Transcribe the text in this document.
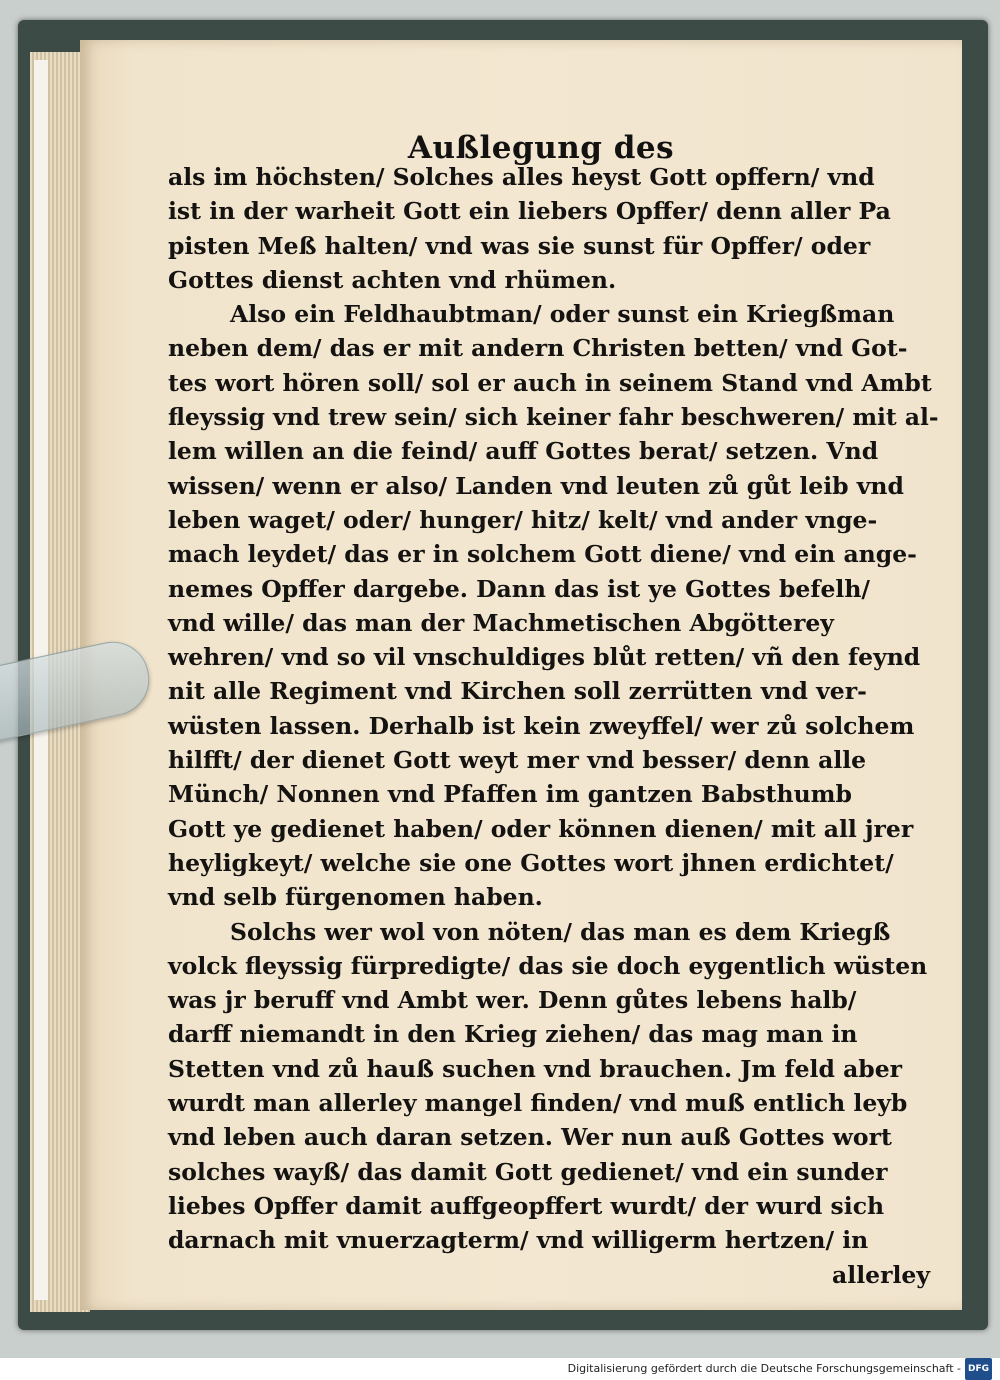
Außlegung des
als im höchsten/ Solches alles heyst Gott opffern/ vnd
ist in der warheit Gott ein liebers Opffer/ denn aller Pa
pisten Meß halten/ vnd was sie sunst für Opffer/ oder
Gottes dienst achten vnd rhümen.
Also ein Feldhaubtman/ oder sunst ein Kriegßman
neben dem/ das er mit andern Christen betten/ vnd Got-
tes wort hören soll/ sol er auch in seinem Stand vnd Ambt
fleyssig vnd trew sein/ sich keiner fahr beschweren/ mit al-
lem willen an die feind/ auff Gottes berat/ setzen. Vnd
wissen/ wenn er also/ Landen vnd leuten zů gůt leib vnd
leben waget/ oder/ hunger/ hitz/ kelt/ vnd ander vnge-
mach leydet/ das er in solchem Gott diene/ vnd ein ange-
nemes Opffer dargebe. Dann das ist ye Gottes befelh/
vnd wille/ das man der Machmetischen Abgötterey
wehren/ vnd so vil vnschuldiges blůt retten/ vñ den feynd
nit alle Regiment vnd Kirchen soll zerrütten vnd ver-
wüsten lassen. Derhalb ist kein zweyffel/ wer zů solchem
hilfft/ der dienet Gott weyt mer vnd besser/ denn alle
Münch/ Nonnen vnd Pfaffen im gantzen Babsthumb
Gott ye gedienet haben/ oder können dienen/ mit all jrer
heyligkeyt/ welche sie one Gottes wort jhnen erdichtet/
vnd selb fürgenomen haben.
Solchs wer wol von nöten/ das man es dem Kriegß
volck fleyssig fürpredigte/ das sie doch eygentlich wüsten
was jr beruff vnd Ambt wer. Denn gůtes lebens halb/
darff niemandt in den Krieg ziehen/ das mag man in
Stetten vnd zů hauß suchen vnd brauchen. Jm feld aber
wurdt man allerley mangel finden/ vnd muß entlich leyb
vnd leben auch daran setzen. Wer nun auß Gottes wort
solches wayß/ das damit Gott gedienet/ vnd ein sunder
liebes Opffer damit auffgeopffert wurdt/ der wurd sich
darnach mit vnuerzagterm/ vnd willigerm hertzen/ in
allerley
Digitalisierung gefördert durch die Deutsche Forschungsgemeinschaft - DFG
